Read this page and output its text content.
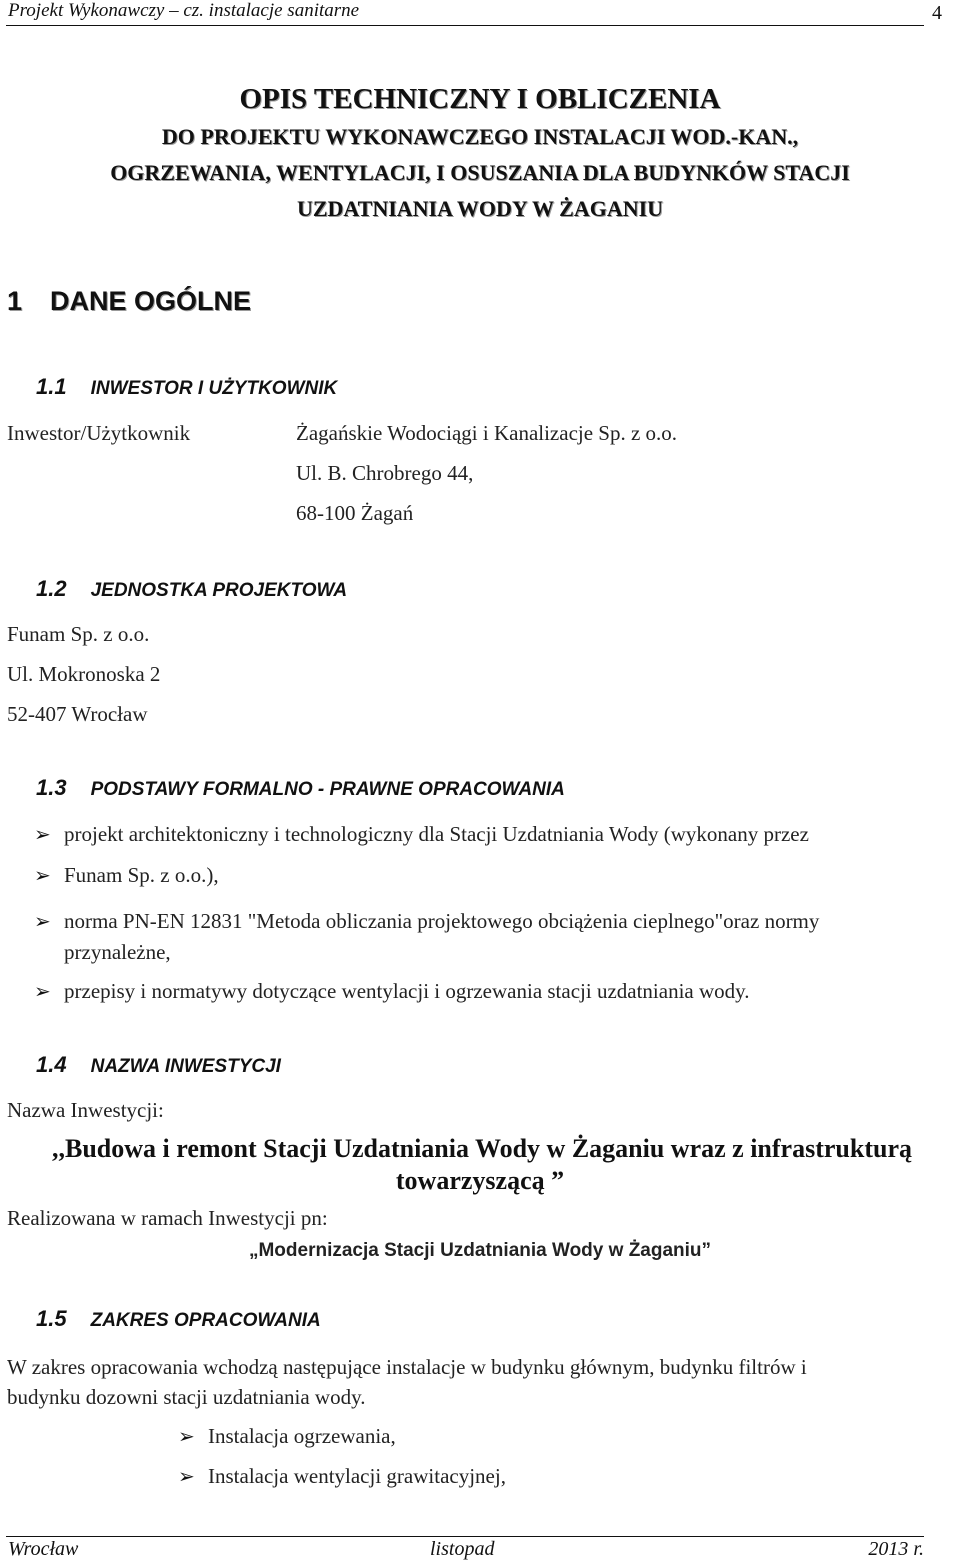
Projekt Wykonawczy – cz. instalacje sanitarne	4
OPIS TECHNICZNY I OBLICZENIA
DO PROJEKTU WYKONAWCZEGO INSTALACJI WOD.-KAN.,
OGRZEWANIA, WENTYLACJI, I OSUSZANIA DLA BUDYNKÓW STACJI
UZDATNIANIA WODY W ŻAGANIU
1 DANE OGÓLNE
1.1 INWESTOR I UŻYTKOWNIK
Inwestor/Użytkownik	Żagańskie Wodociągi i Kanalizacje Sp. z o.o.
Ul. B. Chrobrego 44,
68-100 Żagań
1.2 JEDNOSTKA PROJEKTOWA
Funam Sp. z o.o.
Ul. Mokronoska 2
52-407 Wrocław
1.3 PODSTAWY FORMALNO - PRAWNE OPRACOWANIA
➢ projekt architektoniczny i technologiczny dla Stacji Uzdatniania Wody (wykonany przez
➢ Funam Sp. z o.o.),
➢ norma PN-EN 12831 "Metoda obliczania projektowego obciążenia cieplnego"oraz normy
przynależne,
➢ przepisy i normatywy dotyczące wentylacji i ogrzewania stacji uzdatniania wody.
1.4 NAZWA INWESTYCJI
Nazwa Inwestycji:
,,Budowa i remont Stacji Uzdatniania Wody w Żaganiu wraz z infrastrukturą
towarzyszącą ”
Realizowana w ramach Inwestycji pn:
„Modernizacja Stacji Uzdatniania Wody w Żaganiu”
1.5 ZAKRES OPRACOWANIA
W zakres opracowania wchodzą następujące instalacje w budynku głównym, budynku filtrów i
budynku dozowni stacji uzdatniania wody.
➢ Instalacja ogrzewania,
➢ Instalacja wentylacji grawitacyjnej,
Wrocław	listopad	2013 r.
